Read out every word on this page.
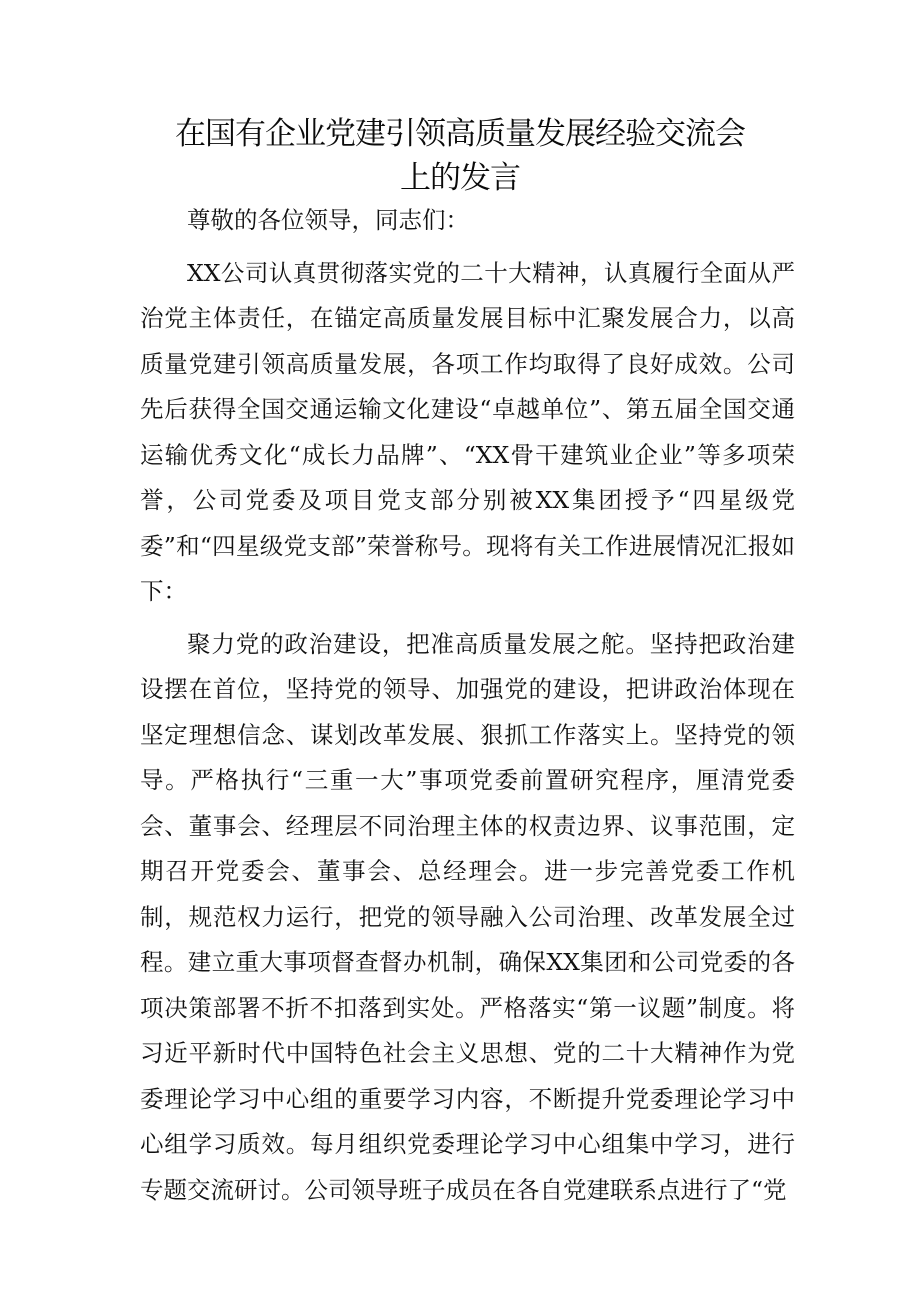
在国有企业党建引领高质量发展经验交流会
上的发言

尊敬的各位领导，同志们：

XX公司认真贯彻落实党的二十大精神，认真履行全面从严治党主体责任，在锚定高质量发展目标中汇聚发展合力，以高质量党建引领高质量发展，各项工作均取得了良好成效。公司先后获得全国交通运输文化建设“卓越单位”、第五届全国交通运输优秀文化“成长力品牌”、“XX骨干建筑业企业”等多项荣誉，公司党委及项目党支部分别被XX集团授予“四星级党委”和“四星级党支部”荣誉称号。现将有关工作进展情况汇报如下：

聚力党的政治建设，把准高质量发展之舵。坚持把政治建设摆在首位，坚持党的领导、加强党的建设，把讲政治体现在坚定理想信念、谋划改革发展、狠抓工作落实上。坚持党的领导。严格执行“三重一大”事项党委前置研究程序，厘清党委会、董事会、经理层不同治理主体的权责边界、议事范围，定期召开党委会、董事会、总经理会。进一步完善党委工作机制，规范权力运行，把党的领导融入公司治理、改革发展全过程。建立重大事项督查督办机制，确保XX集团和公司党委的各项决策部署不折不扣落到实处。严格落实“第一议题”制度。将习近平新时代中国特色社会主义思想、党的二十大精神作为党委理论学习中心组的重要学习内容，不断提升党委理论学习中心组学习质效。每月组织党委理论学习中心组集中学习，进行专题交流研讨。公司领导班子成员在各自党建联系点进行了“党
